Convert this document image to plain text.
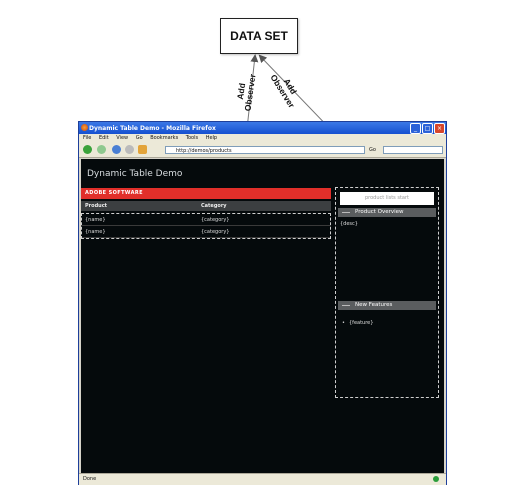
DATA SET
Add
Observer	Add
Observer
Dynamic Table Demo - Mozilla Firefox	_	□	×
File Edit View Go Bookmarks Tools Help
http://demos/products	Go
Dynamic Table Demo
ADOBE SOFTWARE
Product	Category
{name}	{category}
{name}	{category}
product lists start
Product Overview
{desc}
New Features
• {feature}
Done
